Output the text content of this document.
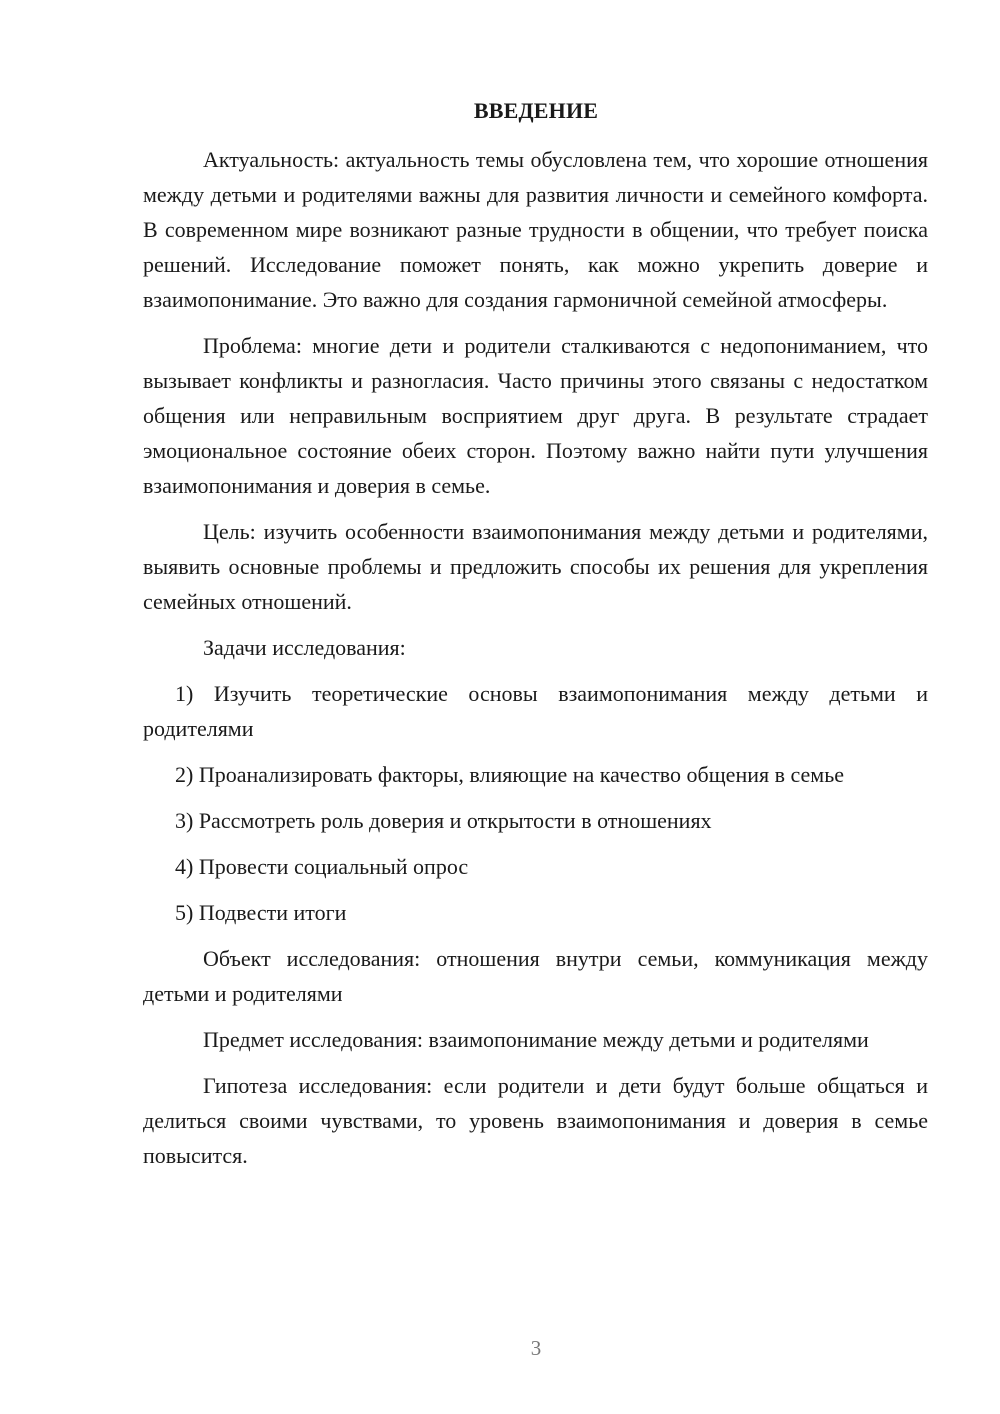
ВВЕДЕНИЕ

Актуальность: актуальность темы обусловлена тем, что хорошие отношения между детьми и родителями важны для развития личности и семейного комфорта. В современном мире возникают разные трудности в общении, что требует поиска решений. Исследование поможет понять, как можно укрепить доверие и взаимопонимание. Это важно для создания гармоничной семейной атмосферы.

Проблема: многие дети и родители сталкиваются с недопониманием, что вызывает конфликты и разногласия. Часто причины этого связаны с недостатком общения или неправильным восприятием друг друга. В результате страдает эмоциональное состояние обеих сторон. Поэтому важно найти пути улучшения взаимопонимания и доверия в семье.

Цель: изучить особенности взаимопонимания между детьми и родителями, выявить основные проблемы и предложить способы их решения для укрепления семейных отношений.

Задачи исследования:

1) Изучить теоретические основы взаимопонимания между детьми и родителями

2) Проанализировать факторы, влияющие на качество общения в семье

3) Рассмотреть роль доверия и открытости в отношениях

4) Провести социальный опрос

5) Подвести итоги

Объект исследования: отношения внутри семьи, коммуникация между детьми и родителями

Предмет исследования: взаимопонимание между детьми и родителями

Гипотеза исследования: если родители и дети будут больше общаться и делиться своими чувствами, то уровень взаимопонимания и доверия в семье повысится.

3
